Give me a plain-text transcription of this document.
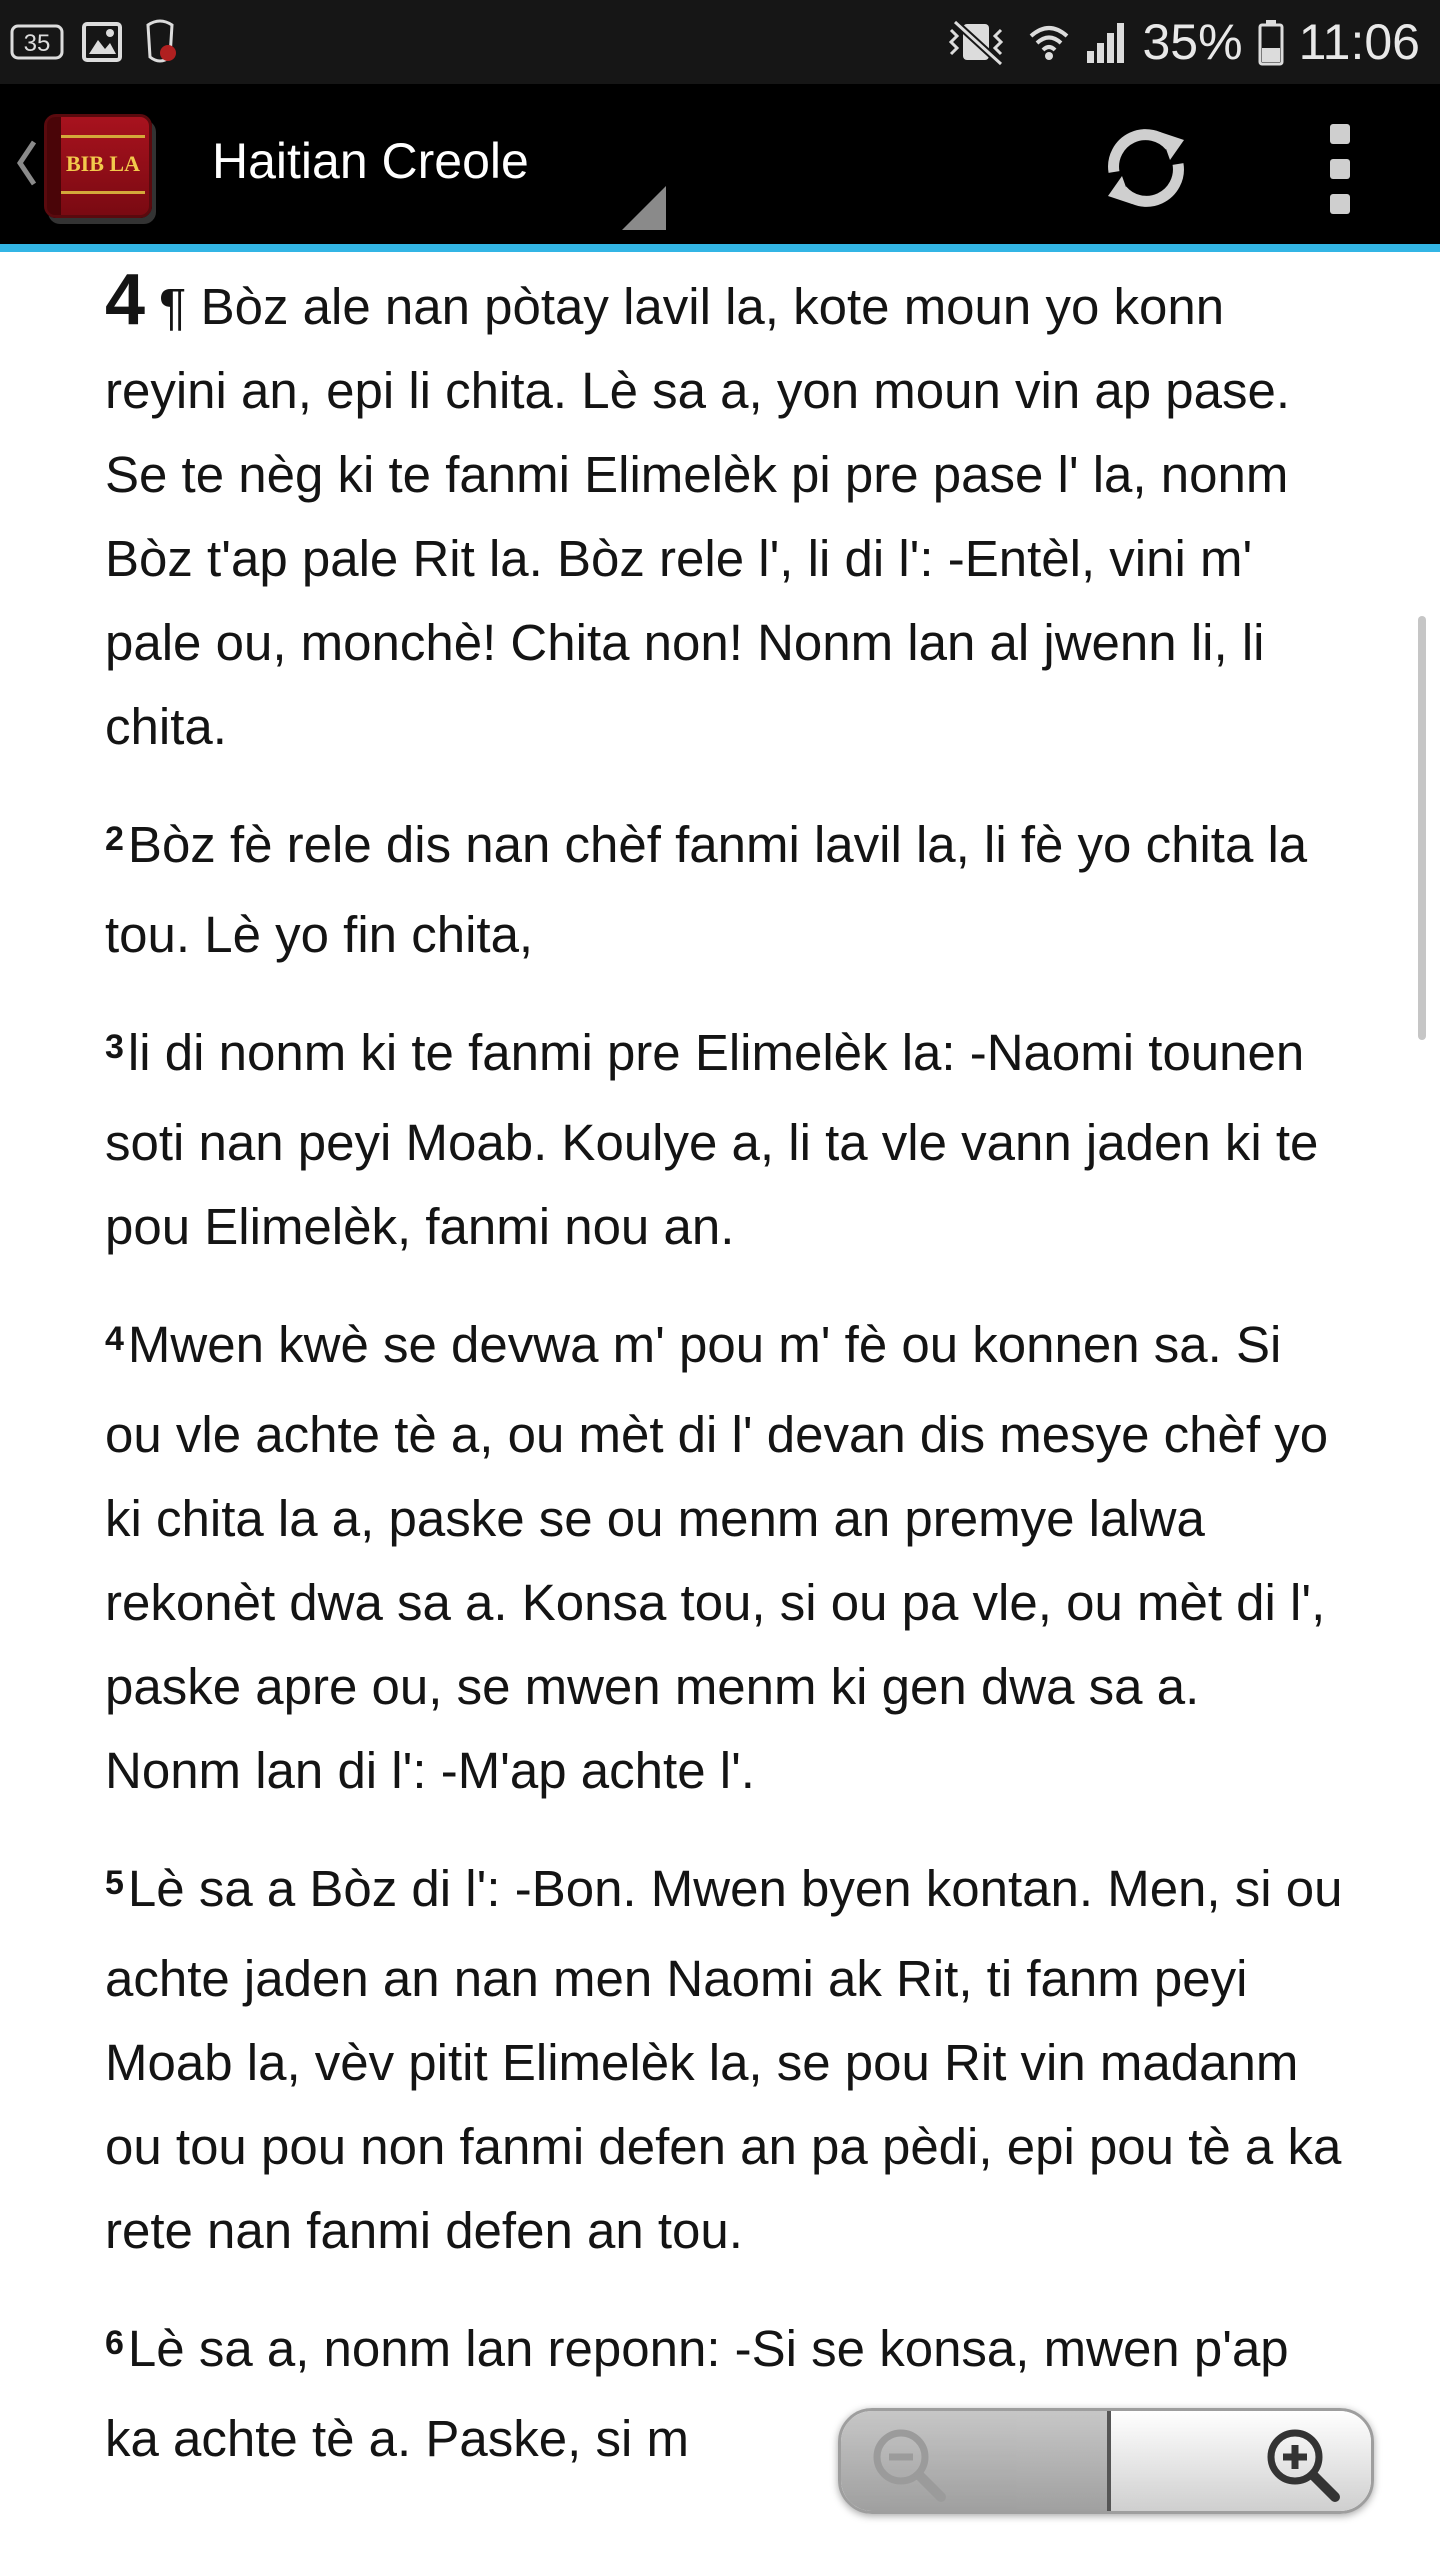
35	35% 11:06
BIB LA Haitian Creole

4 ¶ Bòz ale nan pòtay lavil la, kote moun yo konn reyini an, epi li chita. Lè sa a, yon moun vin ap pase. Se te nèg ki te fanmi Elimelèk pi pre pase l' la, nonm Bòz t'ap pale Rit la. Bòz rele l', li di l': -Entèl, vini m' pale ou, monchè! Chita non! Nonm lan al jwenn li, li chita.

$^2$Bòz fè rele dis nan chèf fanmi lavil la, li fè yo chita la tou. Lè yo fin chita,

$^3$li di nonm ki te fanmi pre Elimelèk la: -Naomi tounen soti nan peyi Moab. Koulye a, li ta vle vann jaden ki te pou Elimelèk, fanmi nou an.

$^4$Mwen kwè se devwa m' pou m' fè ou konnen sa. Si ou vle achte tè a, ou mèt di l' devan dis mesye chèf yo ki chita la a, paske se ou menm an premye lalwa rekonèt dwa sa a. Konsa tou, si ou pa vle, ou mèt di l', paske apre ou, se mwen menm ki gen dwa sa a. Nonm lan di l': -M'ap achte l'.

$^5$Lè sa a Bòz di l': -Bon. Mwen byen kontan. Men, si ou achte jaden an nan men Naomi ak Rit, ti fanm peyi Moab la, vèv pitit Elimelèk la, se pou Rit vin madanm ou tou pou non fanmi defen an pa pèdi, epi pou tè a ka rete nan fanmi defen an tou.

$^6$Lè sa a, nonm lan reponn: -Si se konsa, mwen p'ap ka achte tè a. Paske, si m
